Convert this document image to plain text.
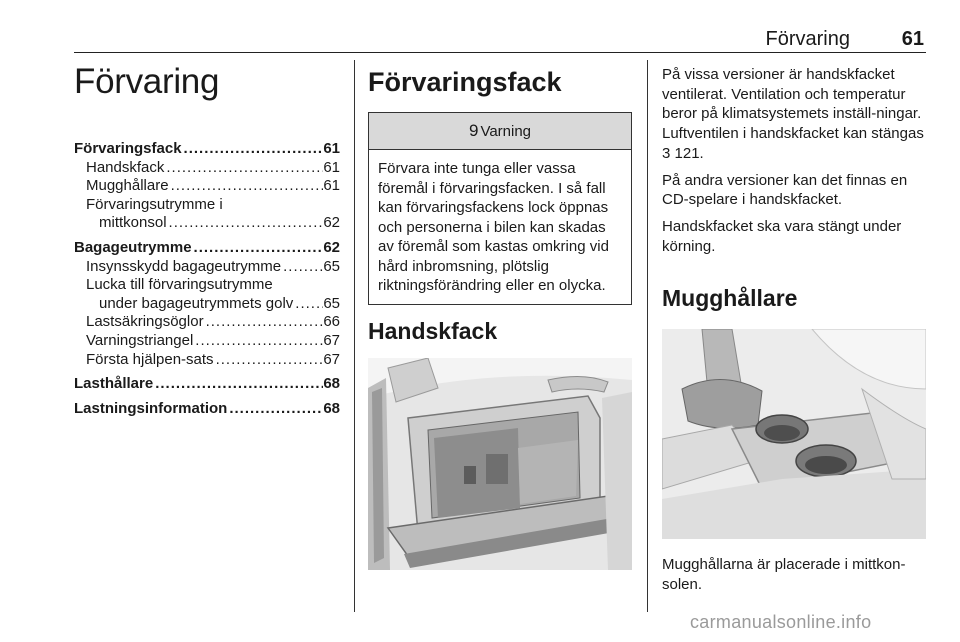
Förvaring	61
Förvaring
Förvaringsfack .....	61
Handskfack .....	61
Mugghållare .....	61
Förvaringsutrymme i
mittkonsol .....	62
Bagageutrymme .....	62
Insynsskydd bagageutrymme .....	65
Lucka till förvaringsutrymme
under bagageutrymmets golv ..... 65
Lastsäkringsöglor .....	66
Varningstriangel .....	67
Första hjälpen-sats .....	67
Lasthållare .....	68
Lastningsinformation .....	68
Förvaringsfack
9 Varning
Förvara inte tunga eller vassa föremål i förvaringsfacken. I så fall kan förvaringsfackens lock öppnas och personerna i bilen kan skadas av föremål som kastas omkring vid hård inbromsning, plötslig riktningsförändring eller en olycka.
Handskfack

På vissa versioner är handskfacket ventilerat. Ventilation och temperatur beror på klimatsystemets inställ-ningar. Luftventilen i handskfacket kan stängas 3 121.

På andra versioner kan det finnas en CD-spelare i handskfacket.

Handskfacket ska vara stängt under körning.

Mugghållare

Mugghållarna är placerade i mittkon-solen.

carmanualsonline.info
